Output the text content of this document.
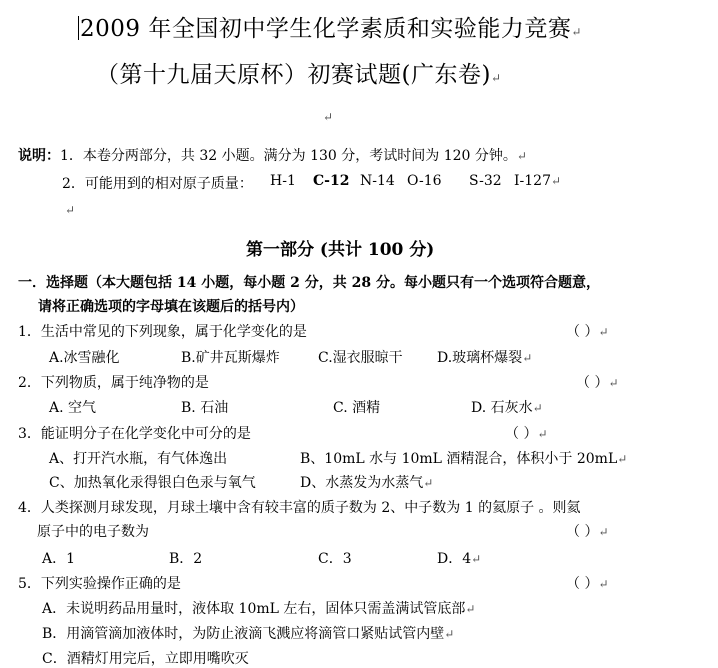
2009 年全国初中学生化学素质和实验能力竞赛↵
（第十九届天原杯）初赛试题(广东卷)↵
↵
说明：1．本卷分两部分，共 32 小题。满分为 130 分，考试时间为 120 分钟。↵
2．可能用到的相对原子质量： H-1 C-12 N-14 O-16 S-32 I-127↵
↵
第一部分 (共计 100 分)
一．选择题（本大题包括 14 小题，每小题 2 分，共 28 分。每小题只有一个选项符合题意，
请将正确选项的字母填在该题后的括号内）
1．生活中常见的下列现象，属于化学变化的是	（ ）↵
A.冰雪融化	B.矿井瓦斯爆炸	C.湿衣服晾干 D.玻璃杯爆裂↵
2．下列物质，属于纯净物的是	（ ）↵
A. 空气	B. 石油	C. 酒精	D. 石灰水↵
3．能证明分子在化学变化中可分的是	（ ）↵
A、打开汽水瓶，有气体逸出	B、10mL 水与 10mL 酒精混合，体积小于 20mL↵
C、加热氧化汞得银白色汞与氧气	D、水蒸发为水蒸气↵
4．人类探测月球发现，月球土壤中含有较丰富的质子数为 2、中子数为 1 的氦原子 。则氦
原子中的电子数为	（ ）↵
A．1	B．2	C．3	D．4↵
5．下列实验操作正确的是	（ ）↵
A．未说明药品用量时，液体取 10mL 左右，固体只需盖满试管底部↵
B．用滴管滴加液体时，为防止液滴飞溅应将滴管口紧贴试管内壁↵
C．酒精灯用完后，立即用嘴吹灭
